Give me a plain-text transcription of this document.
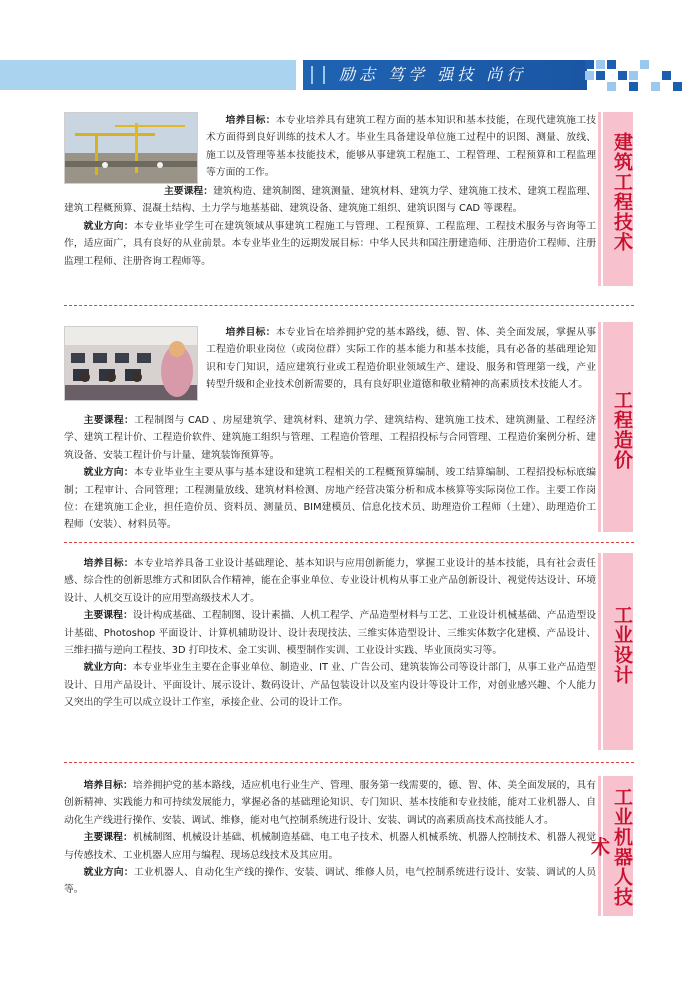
励志 笃学 强技 尚行

培养目标：本专业培养具有建筑工程方面的基本知识和基本技能，在现代建筑施工技术方面得到良好训练的技术人才。毕业生具备建设单位施工过程中的识图、测量、放线、施工以及管理等基本技能技术，能够从事建筑工程施工、工程管理、工程预算和工程监理等方面的工作。

主要课程：建筑构造、建筑制图、建筑测量、建筑材料、建筑力学、建筑施工技术、建筑工程监理、建筑工程概预算、混凝土结构、土力学与地基基础、建筑设备、建筑施工组织、建筑识图与 CAD 等课程。

就业方向：本专业毕业学生可在建筑领域从事建筑工程施工与管理、工程预算、工程监理、工程技术服务与咨询等工作，适应面广，具有良好的从业前景。本专业毕业生的远期发展目标：中华人民共和国注册建造师、注册造价工程师、注册监理工程师、注册咨询工程师等。

建筑工程技术

培养目标：本专业旨在培养拥护党的基本路线，德、智、体、美全面发展，掌握从事工程造价职业岗位（或岗位群）实际工作的基本能力和基本技能，具有必备的基础理论知识和专门知识，适应建筑行业或工程造价职业领域生产、建设、服务和管理第一线，产业转型升级和企业技术创新需要的，具有良好职业道德和敬业精神的高素质技术技能人才。

主要课程：工程制图与 CAD 、房屋建筑学、建筑材料、建筑力学、建筑结构、建筑施工技术、建筑测量、工程经济学、建筑工程计价、工程造价软件、建筑施工组织与管理、工程造价管理、工程招投标与合同管理、工程造价案例分析、建筑设备、安装工程计价与计量、建筑装饰预算等。

就业方向：本专业毕业生主要从事与基本建设和建筑工程相关的工程概预算编制、竣工结算编制、工程招投标标底编制；工程审计、合同管理；工程测量放线、建筑材料检测、房地产经营决策分析和成本核算等实际岗位工作。主要工作岗位：在建筑施工企业，担任造价员、资料员、测量员、BIM建模员、信息化技术员、助理造价工程师（土建）、助理造价工程师（安装）、材料员等。

工程造价

培养目标：本专业培养具备工业设计基础理论、基本知识与应用创新能力，掌握工业设计的基本技能，具有社会责任感、综合性的创新思维方式和团队合作精神，能在企事业单位、专业设计机构从事工业产品创新设计、视觉传达设计、环境设计、人机交互设计的应用型高级技术人才。

主要课程：设计构成基础、工程制图、设计素描、人机工程学、产品造型材料与工艺、工业设计机械基础、产品造型设计基础、Photoshop 平面设计、计算机辅助设计、设计表现技法、三维实体造型设计、三维实体数字化建模、产品设计、三维扫描与逆向工程技、3D 打印技术、金工实训、模型制作实训、工业设计实践、毕业顶岗实习等。

就业方向：本专业毕业生主要在企事业单位、制造业、IT 业、广告公司、建筑装饰公司等设计部门，从事工业产品造型设计、日用产品设计、平面设计、展示设计、数码设计、产品包装设计以及室内设计等设计工作，对创业感兴趣、个人能力又突出的学生可以成立设计工作室，承接企业、公司的设计工作。

工业设计

培养目标：培养拥护党的基本路线，适应机电行业生产、管理、服务第一线需要的，德、智、体、美全面发展的，具有创新精神、实践能力和可持续发展能力，掌握必备的基础理论知识、专门知识、基本技能和专业技能，能对工业机器人、自动化生产线进行操作、安装、调试、维修，能对电气控制系统进行设计、安装、调试的高素质高技术高技能人才。

主要课程：机械制图、机械设计基础、机械制造基础、电工电子技术、机器人机械系统、机器人控制技术、机器人视觉与传感技术、工业机器人应用与编程、现场总线技术及其应用。

就业方向：工业机器人、自动化生产线的操作、安装、调试、维修人员，电气控制系统进行设计、安装、调试的人员等。	工业机器人技术
